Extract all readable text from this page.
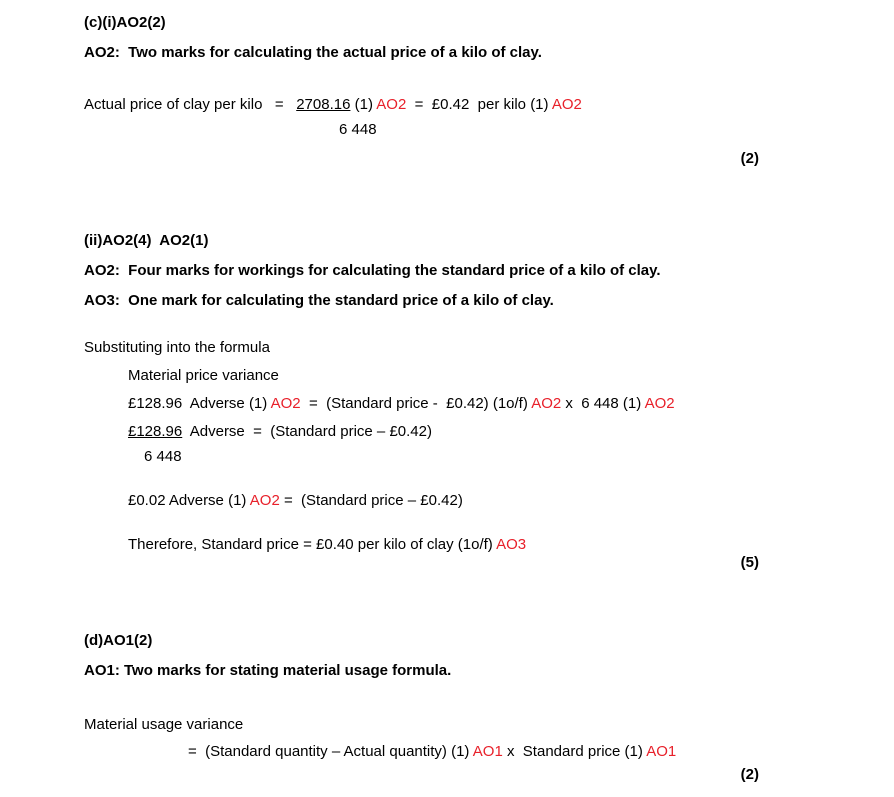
(c)(i)AO2(2)
AO2:  Two marks for calculating the actual price of a kilo of clay.
Actual price of clay per kilo   = 2708.16 (1) AO2 = £0.42 per kilo (1) AO2
6 448
(2)
(ii)AO2(4)  AO2(1)
AO2:  Four marks for workings for calculating the standard price of a kilo of clay.
AO3:  One mark for calculating the standard price of a kilo of clay.
Substituting into the formula
Material price variance
£128.96  Adverse (1) AO2 =  (Standard price -  £0.42) (1o/f) AO2 x  6 448 (1) AO2
£128.96 Adverse  =  (Standard price – £0.42)
6 448
£0.02 Adverse (1) AO2 =  (Standard price – £0.42)
Therefore, Standard price = £0.40 per kilo of clay (1o/f) AO3
(5)
(d)AO1(2)
AO1: Two marks for stating material usage formula.
Material usage variance
=  (Standard quantity – Actual quantity) (1) AO1 x  Standard price (1) AO1
(2)
